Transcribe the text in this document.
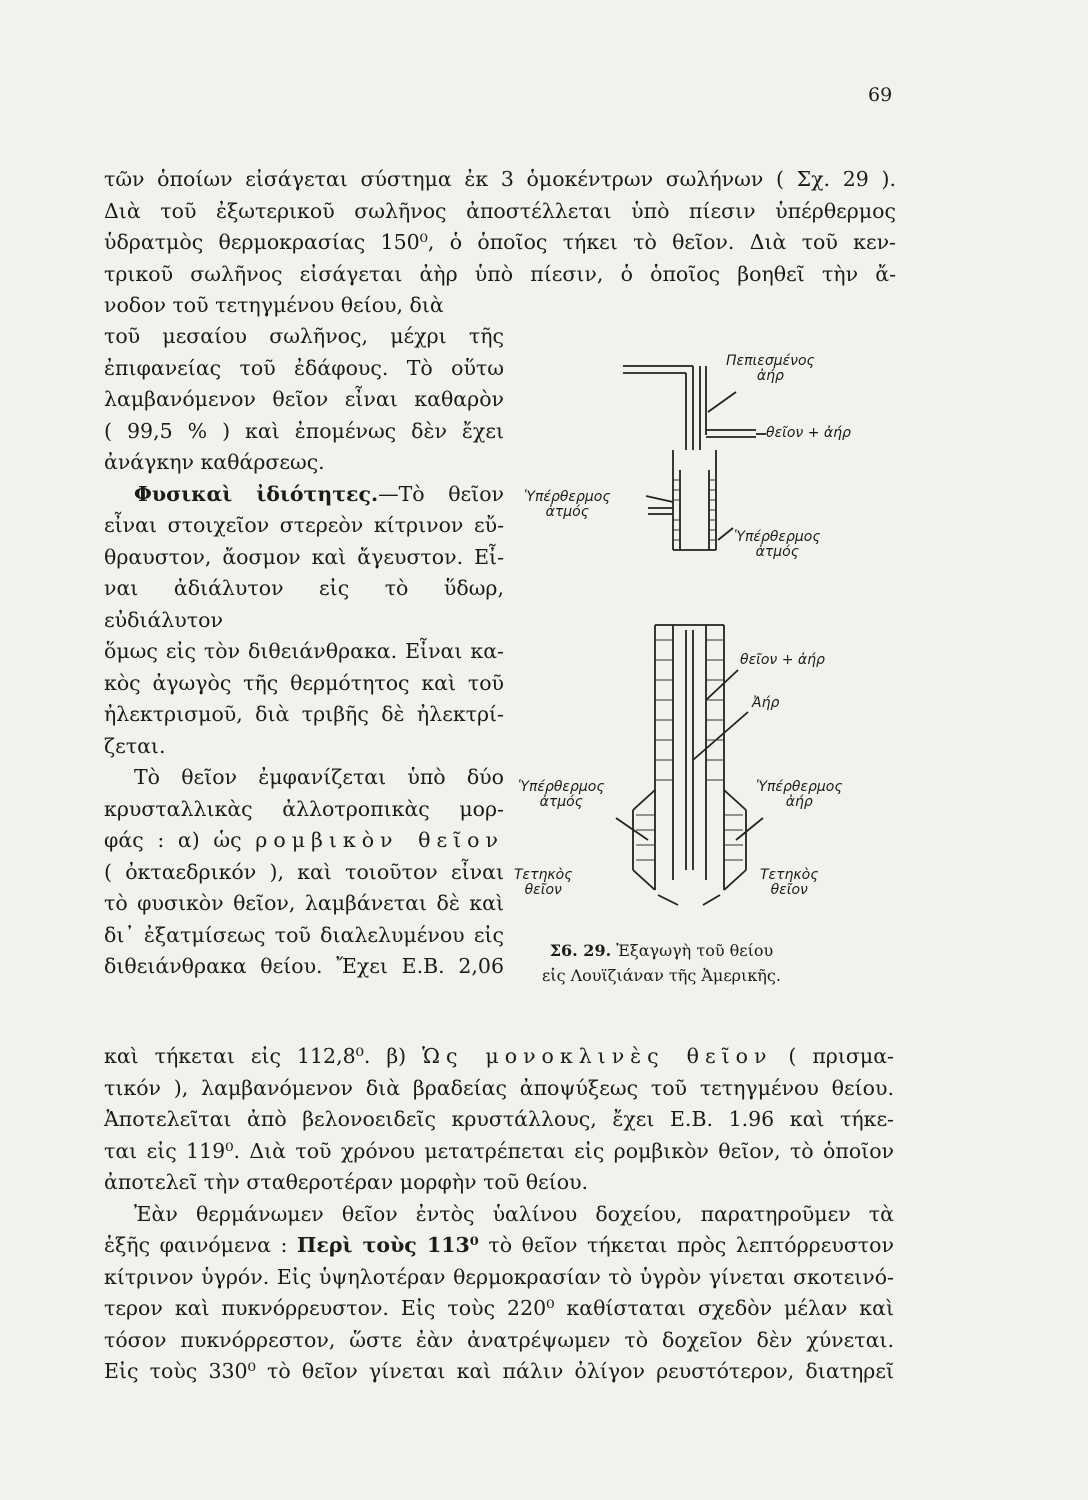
69

τῶν ὁποίων εἰσάγεται σύστημα ἐκ 3 ὁμοκέντρων σωλήνων ( Σχ. 29 ).

Διὰ τοῦ ἐξωτερικοῦ σωλῆνος ἀποστέλλεται ὑπὸ πίεσιν ὑπέρθερμος

ὑδρατμὸς θερμοκρασίας 150⁰, ὁ ὁποῖος τήκει τὸ θεῖον. Διὰ τοῦ κεν-

τρικοῦ σωλῆνος εἰσάγεται ἀὴρ ὑπὸ πίεσιν, ὁ ὁποῖος βοηθεῖ τὴν ἄ-

νοδον τοῦ τετηγμένου θείου, διὰ

τοῦ μεσαίου σωλῆνος, μέχρι τῆς

ἐπιφανείας τοῦ ἐδάφους. Τὸ οὕτω

λαμβανόμενον θεῖον εἶναι καθαρὸν

( 99,5 % ) καὶ ἐπομένως δὲν ἔχει

ἀνάγκην καθάρσεως.

Φυσικαὶ ἰδιότητες.—Τὸ θεῖον

εἶναι στοιχεῖον στερεὸν κίτρινον εὔ-

θραυστον, ἄοσμον καὶ ἄγευστον. Εἶ-

ναι ἀδιάλυτον εἰς τὸ ὕδωρ, εὐδιάλυτον

ὅμως εἰς τὸν διθειάνθρακα. Εἶναι κα-

κὸς ἀγωγὸς τῆς θερμότητος καὶ τοῦ

ἠλεκτρισμοῦ, διὰ τριβῆς δὲ ἠλεκτρί-

ζεται.

Τὸ θεῖον ἐμφανίζεται ὑπὸ δύο

κρυσταλλικὰς ἀλλοτροπικὰς μορ-

φάς : α) ὡς ρομβικὸν θεῖον

( ὀκταεδρικόν ), καὶ τοιοῦτον εἶναι

τὸ φυσικὸν θεῖον, λαμβάνεται δὲ καὶ

δι᾽ ἐξατμίσεως τοῦ διαλελυμένου εἰς

διθειάνθρακα θείου. Ἔχει Ε.Β. 2,06

Πεπιεσμένος
ἀήρ
θεῖον + ἀήρ
Ὑπέρθερμος
ἀτμός
Ὑπέρθερμος
ἀτμός
θεῖον + ἀήρ
Ἀήρ
Ὑπέρθερμος
ἀτμός
Ὑπέρθερμος
ἀήρ
Τετηκὸς
θεῖον
Τετηκὸς
θεῖον
Σ6. 29. Ἐξαγωγὴ τοῦ θείου
εἰς Λουϊζιάναν τῆς Ἀμερικῆς.

καὶ τήκεται εἰς 112,8⁰. β) Ὡς μονοκλινὲς θεῖον ( πρισμα-

τικόν ), λαμβανόμενον διὰ βραδείας ἀποψύξεως τοῦ τετηγμένου θείου.

Ἀποτελεῖται ἀπὸ βελονοειδεῖς κρυστάλλους, ἔχει Ε.Β. 1.96 καὶ τήκε-

ται εἰς 119⁰. Διὰ τοῦ χρόνου μετατρέπεται εἰς ρομβικὸν θεῖον, τὸ ὁποῖον

ἀποτελεῖ τὴν σταθεροτέραν μορφὴν τοῦ θείου.

Ἐὰν θερμάνωμεν θεῖον ἐντὸς ὑαλίνου δοχείου, παρατηροῦμεν τὰ

ἑξῆς φαινόμενα : Περὶ τοὺς 113⁰ τὸ θεῖον τήκεται πρὸς λεπτόρρευστον

κίτρινον ὑγρόν. Εἰς ὑψηλοτέραν θερμοκρασίαν τὸ ὑγρὸν γίνεται σκοτεινό-

τερον καὶ πυκνόρρευστον. Εἰς τοὺς 220⁰ καθίσταται σχεδὸν μέλαν καὶ

τόσον πυκνόρρεστον, ὥστε ἐὰν ἀνατρέψωμεν τὸ δοχεῖον δὲν χύνεται.

Εἰς τοὺς 330⁰ τὸ θεῖον γίνεται καὶ πάλιν ὀλίγον ρευστότερον, διατηρεῖ
